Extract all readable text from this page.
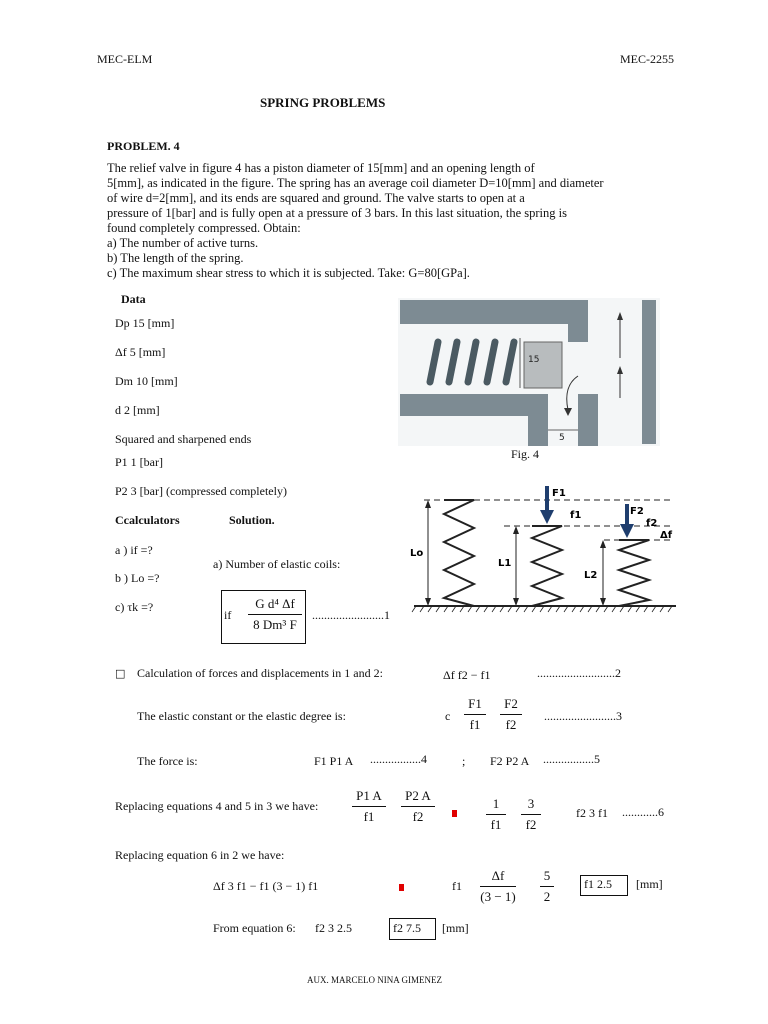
MEC-ELM	MEC-2255
SPRING PROBLEMS
PROBLEM. 4
The relief valve in figure 4 has a piston diameter of 15[mm] and an opening length of
5[mm], as indicated in the figure. The spring has an average coil diameter D=10[mm] and diameter
of wire d=2[mm], and its ends are squared and ground. The valve starts to open at a
pressure of 1[bar] and is fully open at a pressure of 3 bars. In this last situation, the spring is
found completely compressed. Obtain:
a) The number of active turns.
b) The length of the spring.
c) The maximum shear stress to which it is subjected. Take: G=80[GPa].
Data
Dp 15 [mm]
Δf 5 [mm]
Dm 10 [mm]
d 2 [mm]
Squared and sharpened ends
P1 1 [bar]
P2 3 [bar] (compressed completely)
Ccalculators	Solution.
a ) if =?
b ) Lo =?
c) τk =?
a) Number of elastic coils:
if
G d⁴ Δf
8 Dm³ F
........................1
15
5
Fig. 4
Lo
L1
L2
F1
F2
f1
f2
Δf
□ Calculation of forces and displacements in 1 and 2:	Δf f2 − f1	..........................2
The elastic constant or the elastic degree is:	c
F1
f1
F2
f2
........................3
The force is:	F1 P1 A .................4	; F2 P2 A .................5
Replacing equations 4 and 5 in 3 we have:
P1 A
f1
P2 A
f2
1
f1
3
f2
f2 3 f1 ............6
Replacing equation 6 in 2 we have:
Δf 3 f1 − f1 (3 − 1) f1	f1
Δf
(3 − 1)
5
2
f1 2.5 [mm]
From equation 6: f2 3 2.5	f2 7.5 [mm]
AUX. MARCELO NINA GIMENEZ
